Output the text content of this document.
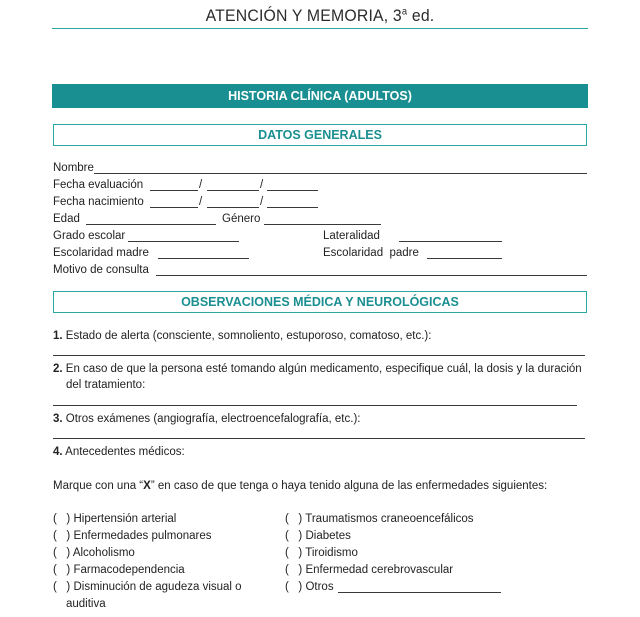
ATENCIÓN Y MEMORIA, 3$^a$ ed.
HISTORIA CLÍNICA (ADULTOS)
DATOS GENERALES
Nombre
Fecha evaluación	/	/
Fecha nacimiento	/	/
Edad	Género
Grado escolar	Lateralidad
Escolaridad madre	Escolaridad  padre
Motivo de consulta
OBSERVACIONES MÉDICA Y NEUROLÓGICAS
1. Estado de alerta (consciente, somnoliento, estuporoso, comatoso, etc.):
2. En caso de que la persona esté tomando algún medicamento, especifique cuál, la dosis y la duración
del tratamiento:
3. Otros exámenes (angiografía, electroencefalografía, etc.):
4. Antecedentes médicos:
Marque con una “X” en caso de que tenga o haya tenido alguna de las enfermedades siguientes:
(   ) Hipertensión arterial
(   ) Enfermedades pulmonares
(   ) Alcoholismo
(   ) Farmacodependencia
(   ) Disminución de agudeza visual o
(   ) Traumatismos craneoencefálicos
(   ) Diabetes
(   ) Tiroidismo
(   ) Enfermedad cerebrovascular
(   ) Otros
auditiva
